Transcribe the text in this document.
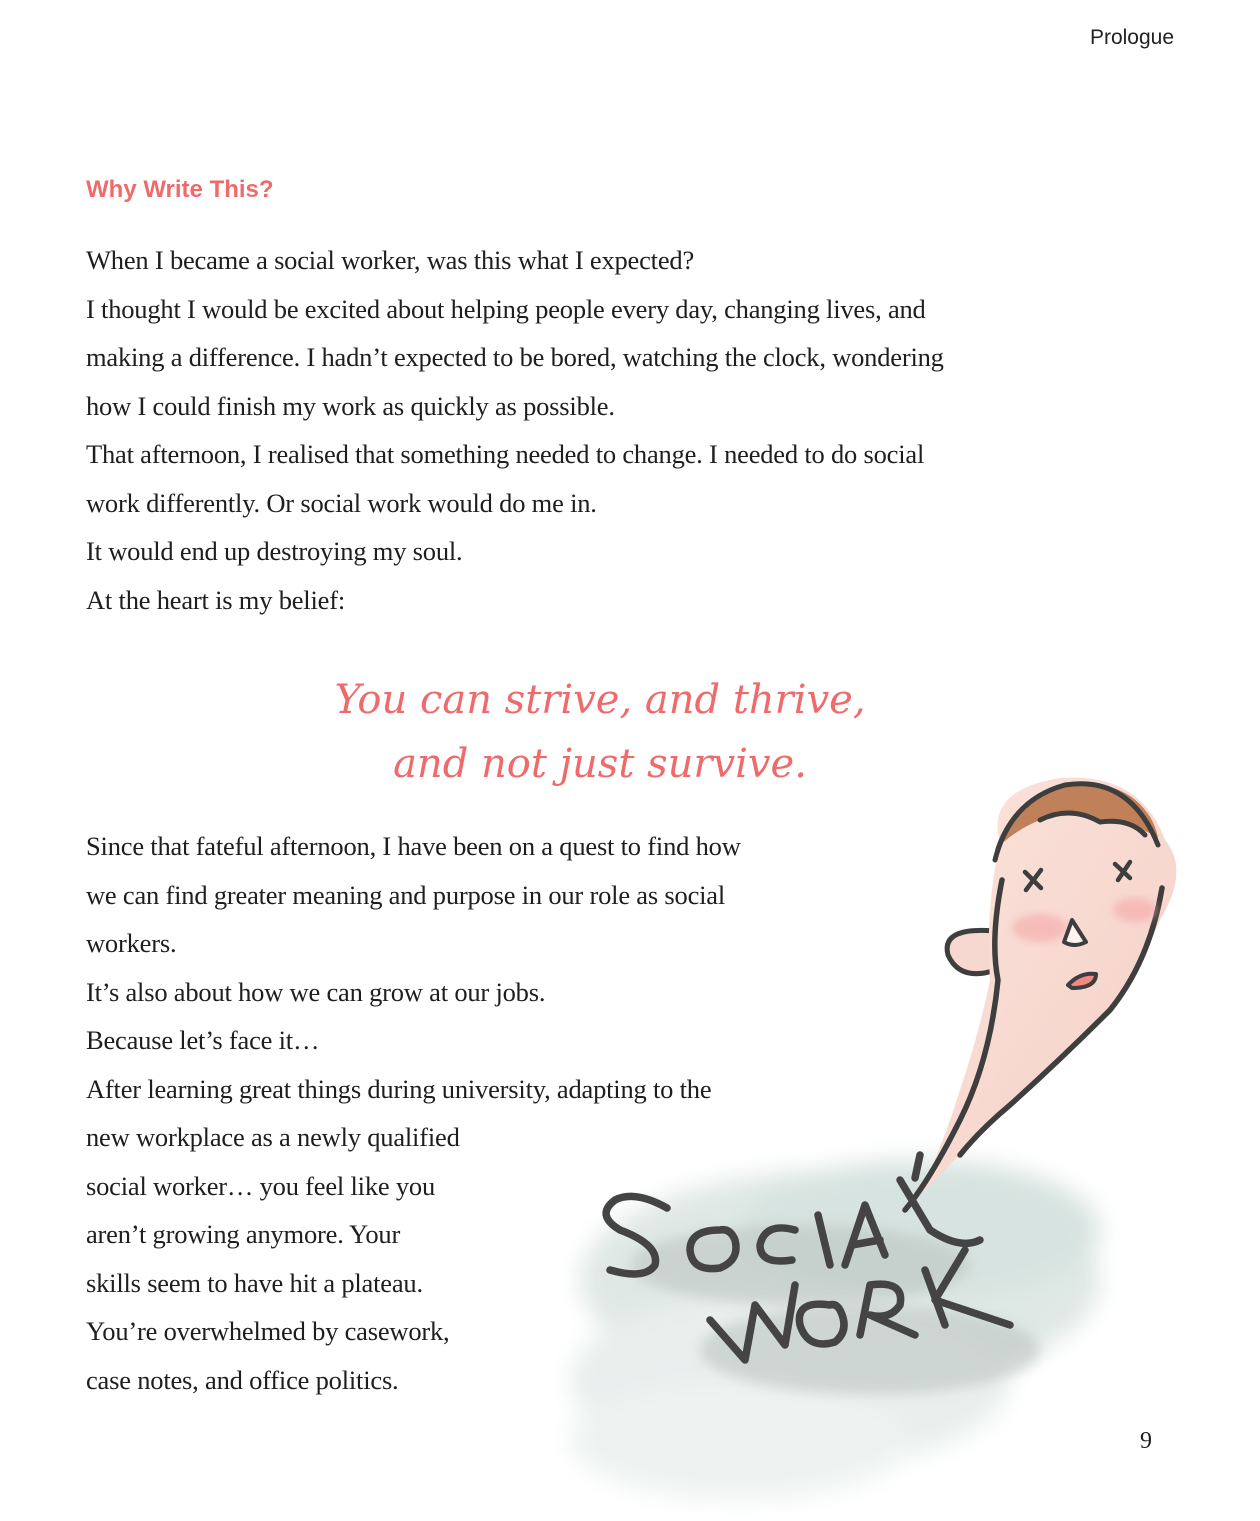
Prologue
Why Write This?
When I became a social worker, was this what I expected?
I thought I would be excited about helping people every day, changing lives, and
making a difference. I hadn’t expected to be bored, watching the clock, wondering
how I could finish my work as quickly as possible.
That afternoon, I realised that something needed to change. I needed to do social
work differently. Or social work would do me in.
It would end up destroying my soul.
At the heart is my belief:
You can strive, and thrive,
and not just survive.
Since that fateful afternoon, I have been on a quest to find how
we can find greater meaning and purpose in our role as social
workers.
It’s also about how we can grow at our jobs.
Because let’s face it…
After learning great things during university, adapting to the
new workplace as a newly qualified
social worker… you feel like you
aren’t growing anymore. Your
skills seem to have hit a plateau.
You’re overwhelmed by casework,
case notes, and office politics.
9
